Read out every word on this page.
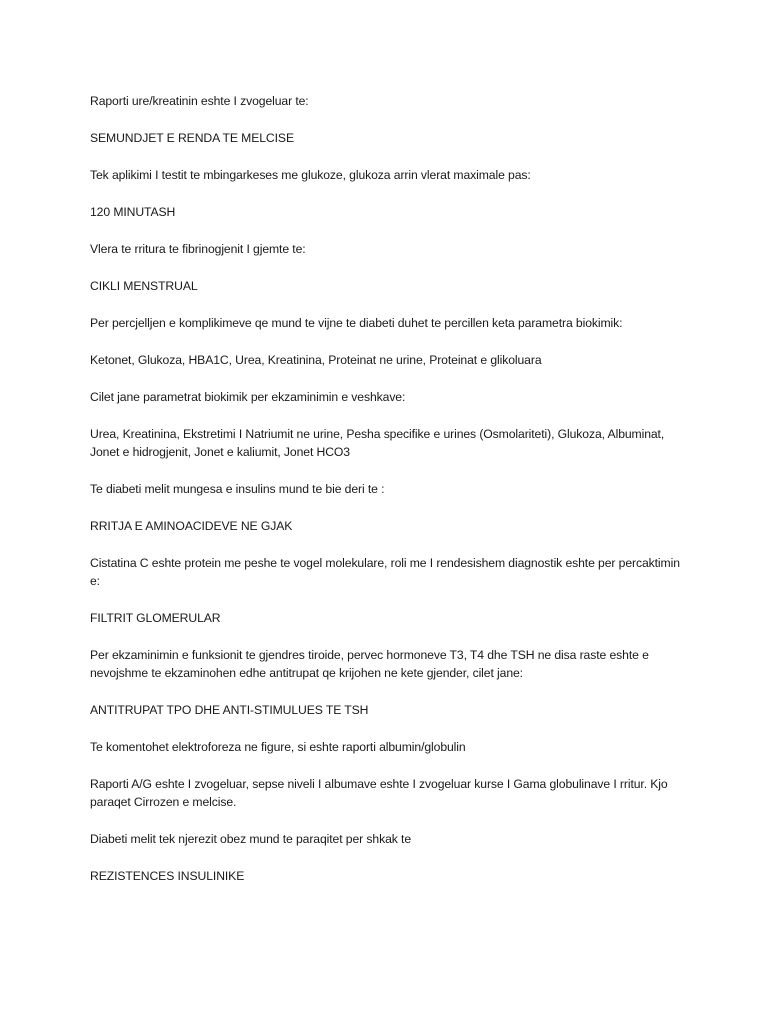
Raporti ure/kreatinin eshte I zvogeluar te:

SEMUNDJET E RENDA TE MELCISE

Tek aplikimi I testit te mbingarkeses me glukoze, glukoza arrin vlerat maximale pas:

120 MINUTASH

Vlera te rritura te fibrinogjenit I gjemte te:

CIKLI MENSTRUAL

Per percjelljen e komplikimeve qe mund te vijne te diabeti duhet te percillen keta parametra biokimik:

Ketonet, Glukoza, HBA1C, Urea, Kreatinina, Proteinat ne urine, Proteinat e glikoluara

Cilet jane parametrat biokimik per ekzaminimin e veshkave:

Urea, Kreatinina, Ekstretimi I Natriumit ne urine, Pesha specifike e urines (Osmolariteti), Glukoza, Albuminat, Jonet e hidrogjenit, Jonet e kaliumit, Jonet HCO3

Te diabeti melit mungesa e insulins mund te bie deri te :

RRITJA E AMINOACIDEVE NE GJAK

Cistatina C eshte protein me peshe te vogel molekulare, roli me I rendesishem diagnostik eshte per percaktimin e:

FILTRIT GLOMERULAR

Per ekzaminimin e funksionit te gjendres tiroide, pervec hormoneve T3, T4 dhe TSH ne disa raste eshte e nevojshme te ekzaminohen edhe antitrupat qe krijohen ne kete gjender, cilet jane:

ANTITRUPAT TPO DHE ANTI-STIMULUES TE TSH

Te komentohet elektroforeza ne figure, si eshte raporti albumin/globulin

Raporti A/G eshte I zvogeluar, sepse niveli I albumave eshte I zvogeluar kurse I Gama globulinave I rritur. Kjo paraqet Cirrozen e melcise.

Diabeti melit tek njerezit obez mund te paraqitet per shkak te

REZISTENCES INSULINIKE
